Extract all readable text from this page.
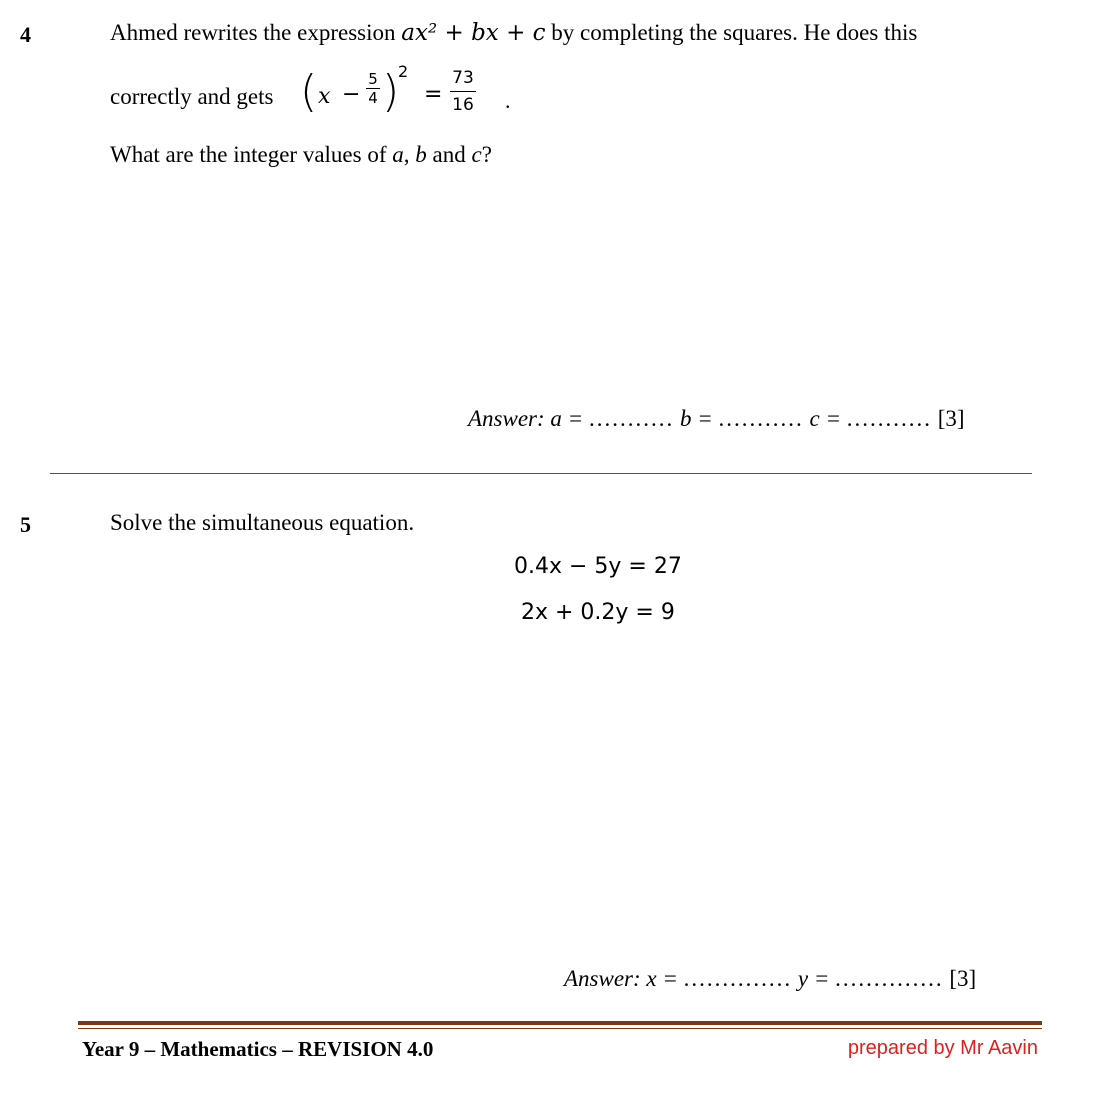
4	Ahmed rewrites the expression ax² + bx + c by completing the squares. He does this
correctly and gets ( x −
5
4 )
2
=
73
16 .
What are the integer values of a, b and c?
Answer: a = ........... b = ........... c = ........... [3]
5	Solve the simultaneous equation.
0.4x − 5y = 27
2x + 0.2y = 9
Answer: x = .............. y = .............. [3]
Year 9 – Mathematics – REVISION 4.0	prepared by Mr Aavin
